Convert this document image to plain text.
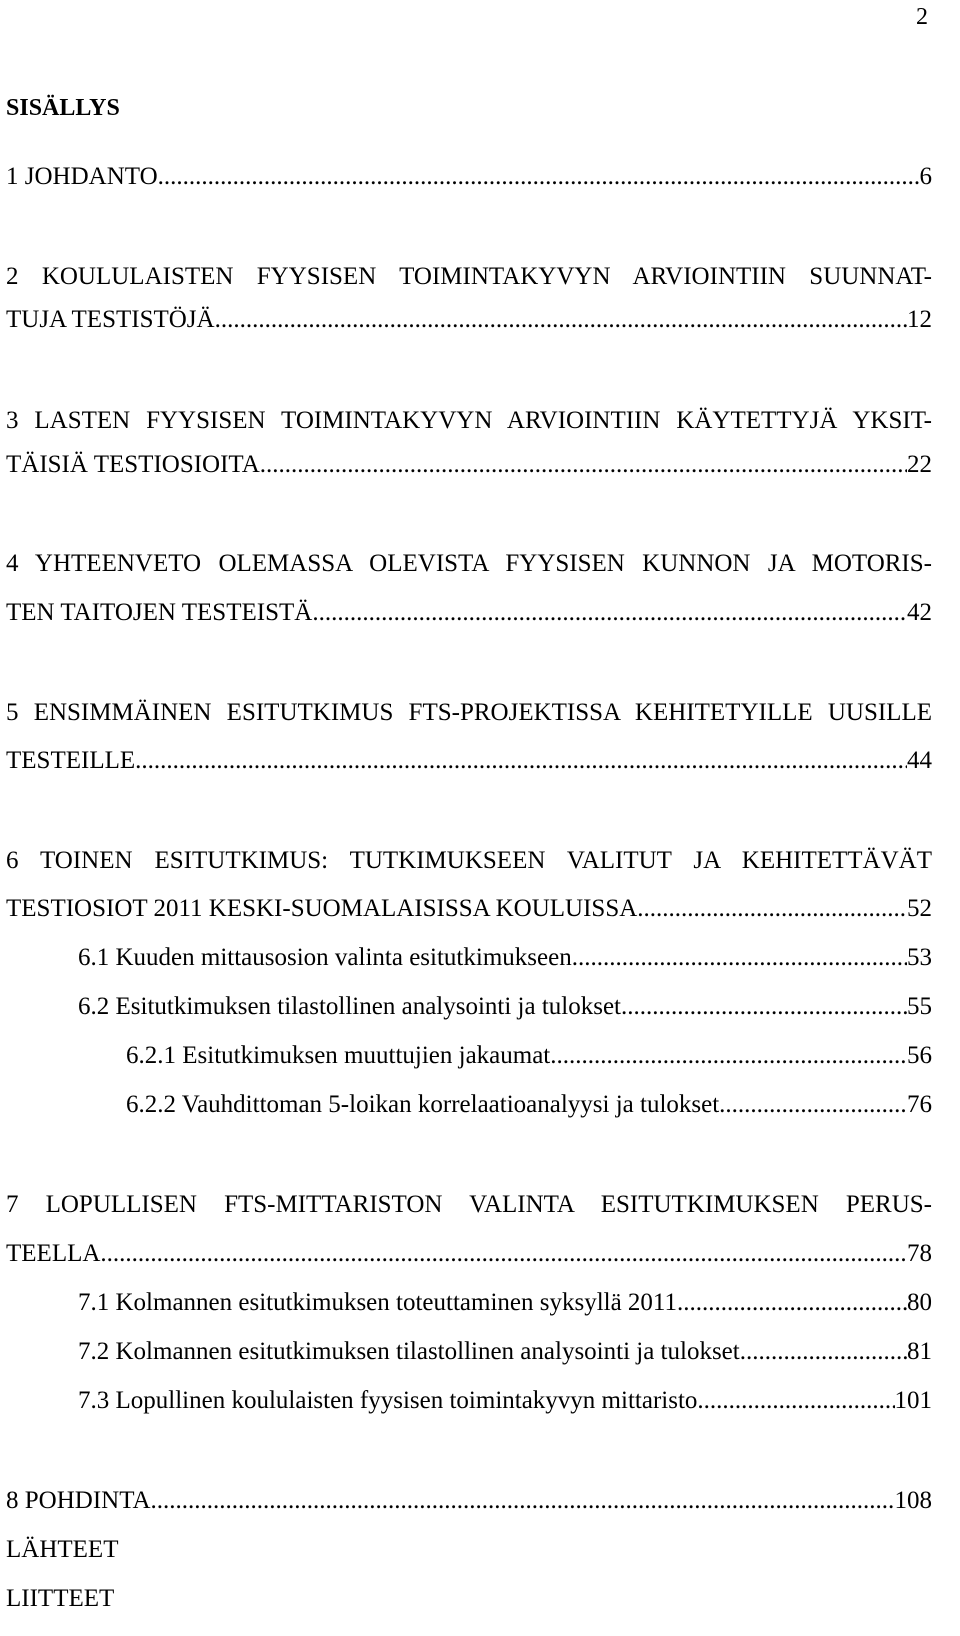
2
SISÄLLYS
1 JOHDANTO .....	6
2 KOULULAISTEN FYYSISEN TOIMINTAKYVYN ARVIOINTIIN SUUNNAT-
TUJA TESTISTÖJÄ .....	12
3 LASTEN FYYSISEN TOIMINTAKYVYN ARVIOINTIIN KÄYTETTYJÄ YKSIT-
TÄISIÄ TESTIOSIOITA .....	22
4 YHTEENVETO OLEMASSA OLEVISTA FYYSISEN KUNNON JA MOTORIS-
TEN TAITOJEN TESTEISTÄ .....	42
5 ENSIMMÄINEN ESITUTKIMUS FTS-PROJEKTISSA KEHITETYILLE UUSILLE
TESTEILLE .....	44
6 TOINEN ESITUTKIMUS: TUTKIMUKSEEN VALITUT JA KEHITETTÄVÄT
TESTIOSIOT 2011 KESKI-SUOMALAISISSA KOULUISSA .....	52
6.1 Kuuden mittausosion valinta esitutkimukseen .....	53
6.2 Esitutkimuksen tilastollinen analysointi ja tulokset .....	55
6.2.1 Esitutkimuksen muuttujien jakaumat .....	56
6.2.2 Vauhdittoman 5-loikan korrelaatioanalyysi ja tulokset .....	76
7 LOPULLISEN FTS-MITTARISTON VALINTA ESITUTKIMUKSEN PERUS-
TEELLA .....	78
7.1 Kolmannen esitutkimuksen toteuttaminen syksyllä 2011 .....	80
7.2 Kolmannen esitutkimuksen tilastollinen analysointi ja tulokset .....	81
7.3 Lopullinen koululaisten fyysisen toimintakyvyn mittaristo .....	101
8 POHDINTA .....	108
LÄHTEET
LIITTEET
